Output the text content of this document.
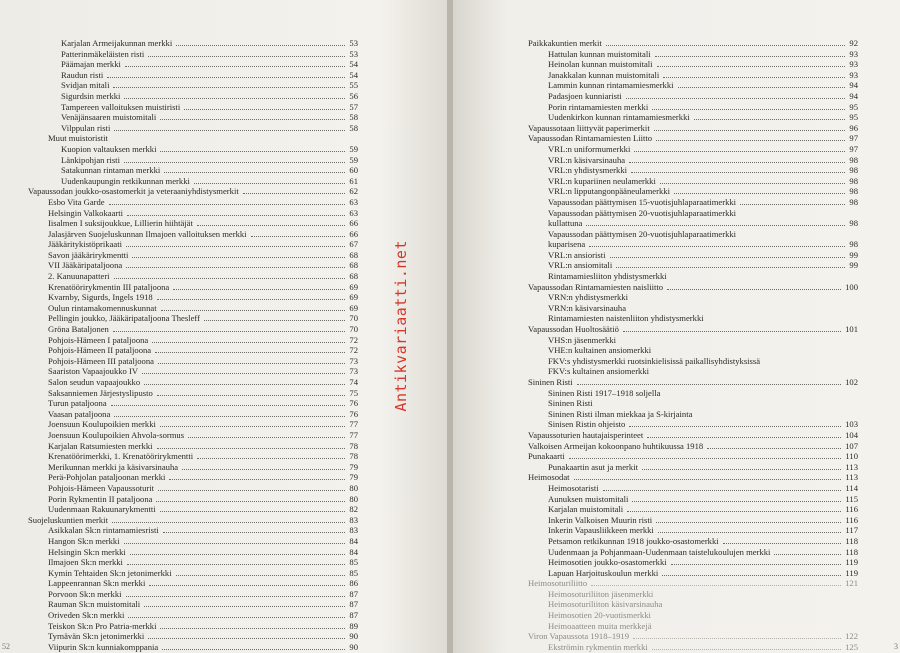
Karjalan Armeijakunnan merkki	53
Patterinmäkeläisten risti	53
Päämajan merkki	54
Raudun risti	54
Svidjan mitali	55
Sigurdsin merkki	56
Tampereen valloituksen muistiristi	57
Venäjänsaaren muistomitali	58
Vilppulan risti	58
Muut muistoristit
Kuopion valtauksen merkki	59
Länkipohjan risti	59
Satakunnan rintaman merkki	60
Uudenkaupungin retkikunnan merkki	61
Vapaussodan joukko-osastomerkit ja veteraaniyhdistysmerkit	62
Esbo Vita Garde	63
Helsingin Valkokaarti	63
Iisalmen I suksijoukkue, Lillierin hiihtäjät	66
Jalasjärven Suojeluskunnan Ilmajoen valloituksen merkki	66
Jääkäritykistöprikaati	67
Savon jääkärirykmentti	68
VII Jääkäripataljoona	68
2. Kanuunapatteri	68
Krenatöörirykmentin III pataljoona	69
Kvarnby, Sigurds, Ingels 1918	69
Oulun rintamakomennuskunnat	69
Pellingin joukko, Jääkäripataljoona Thesleff	70
Gröna Bataljonen	70
Pohjois-Hämeen I pataljoona	72
Pohjois-Hämeen II pataljoona	72
Pohjois-Hämeen III pataljoona	73
Saariston Vapaajoukko IV	73
Salon seudun vapaajoukko	74
Saksanniemen Järjestyslipusto	75
Turun pataljoona	76
Vaasan pataljoona	76
Joensuun Koulupoikien merkki	77
Joensuun Koulupoikien Ahvola-sormus	77
Karjalan Ratsumiesten merkki	78
Krenatöörimerkki, 1. Krenatöörirykmentti	78
Merikunnan merkki ja käsivarsinauha	79
Perä-Pohjolan pataljoonan merkki	79
Pohjois-Hämeen Vapaussoturit	80
Porin Rykmentin II pataljoona	80
Uudenmaan Rakuunarykmentti	82
Suojeluskuntien merkit	83
Asikkalan Sk:n rintamamiesristi	83
Hangon Sk:n merkki	84
Helsingin Sk:n merkki	84
Ilmajoen Sk:n merkki	85
Kymin Tehtaiden Sk:n jetonimerkki	85
Lappeenrannan Sk:n merkki	86
Porvoon Sk:n merkki	87
Rauman Sk:n muistomitali	87
Oriveden Sk:n merkki	87
Teiskon Sk:n Pro Patria-merkki	89
Tyrnävän Sk:n jetonimerkki	90
Viipurin Sk:n kunniakomppania	90
Antikvariaatti.net
52
Paikkakuntien merkit	92
Hattulan kunnan muistomitali	93
Heinolan kunnan muistomitali	93
Janakkalan kunnan muistomitali	93
Lammin kunnan rintamamiesmerkki	94
Padasjoen kunniaristi	94
Porin rintamamiesten merkki	95
Uudenkirkon kunnan rintamamiesmerkki	95
Vapaussotaan liittyvät paperimerkit	96
Vapaussodan Rintamamiesten Liitto	97
VRL:n uniformumerkki	97
VRL:n käsivarsinauha	98
VRL:n yhdistysmerkki	98
VRL:n kupariinen neulamerkki	98
VRL:n lipputangonpääneulamerkki	98
Vapaussodan päättymisen 15-vuotisjuhlaparaatimerkki	98
Vapaussodan päättymisen 20-vuotisjuhlaparaatimerkki
kullattuna	98
Vapaussodan päättymisen 20-vuotisjuhlaparaatimerkki
kuparisena	98
VRL:n ansioristi	99
VRL:n ansiomitali	99
Rintamamiesliiton yhdistysmerkki
Vapaussodan Rintamamiesten naisliitto	100
VRN:n yhdistysmerkki
VRN:n käsivarsinauha
Rintamamiesten naistenliiton yhdistysmerkki
Vapaussodan Huoltosäätiö	101
VHS:n jäsenmerkki
VHE:n kultainen ansiomerkki
FKV:s yhdistysmerkki ruotsinkielisissä paikallisyhdistyksissä
FKV:s kultainen ansiomerkki
Sininen Risti	102
Sininen Risti 1917–1918 soljella
Sininen Risti
Sininen Risti ilman miekkaa ja S-kirjainta
Sinisen Ristin ohjeisto	103
Vapaussoturien hautajaisperinteet	104
Valkoisen Armeijan kokoonpano huhtikuussa 1918	107
Punakaarti	110
Punakaartin asut ja merkit	113
Heimosodat	113
Heimosotaristi	114
Aunuksen muistomitali	115
Karjalan muistomitali	116
Inkerin Valkoisen Muurin risti	116
Inkerin Vapausliikkeen merkki	117
Petsamon retkikunnan 1918 joukko-osastomerkki	118
Uudenmaan ja Pohjanmaan-Uudenmaan taistelukoulujen merkki	118
Heimosotien joukko-osastomerkki	119
Lapuan Harjoituskoulun merkki	119
Heimosoturiliitto	121
Heimosoturiliiton jäsenmerkki
Heimosoturiliiton käsivarsinauha
Heimosotien 20-vuotismerkki
Heimoaatteen muita merkkejä
Viron Vapaussota 1918–1919	122
Ekströmin rykmentin merkki	125	3
